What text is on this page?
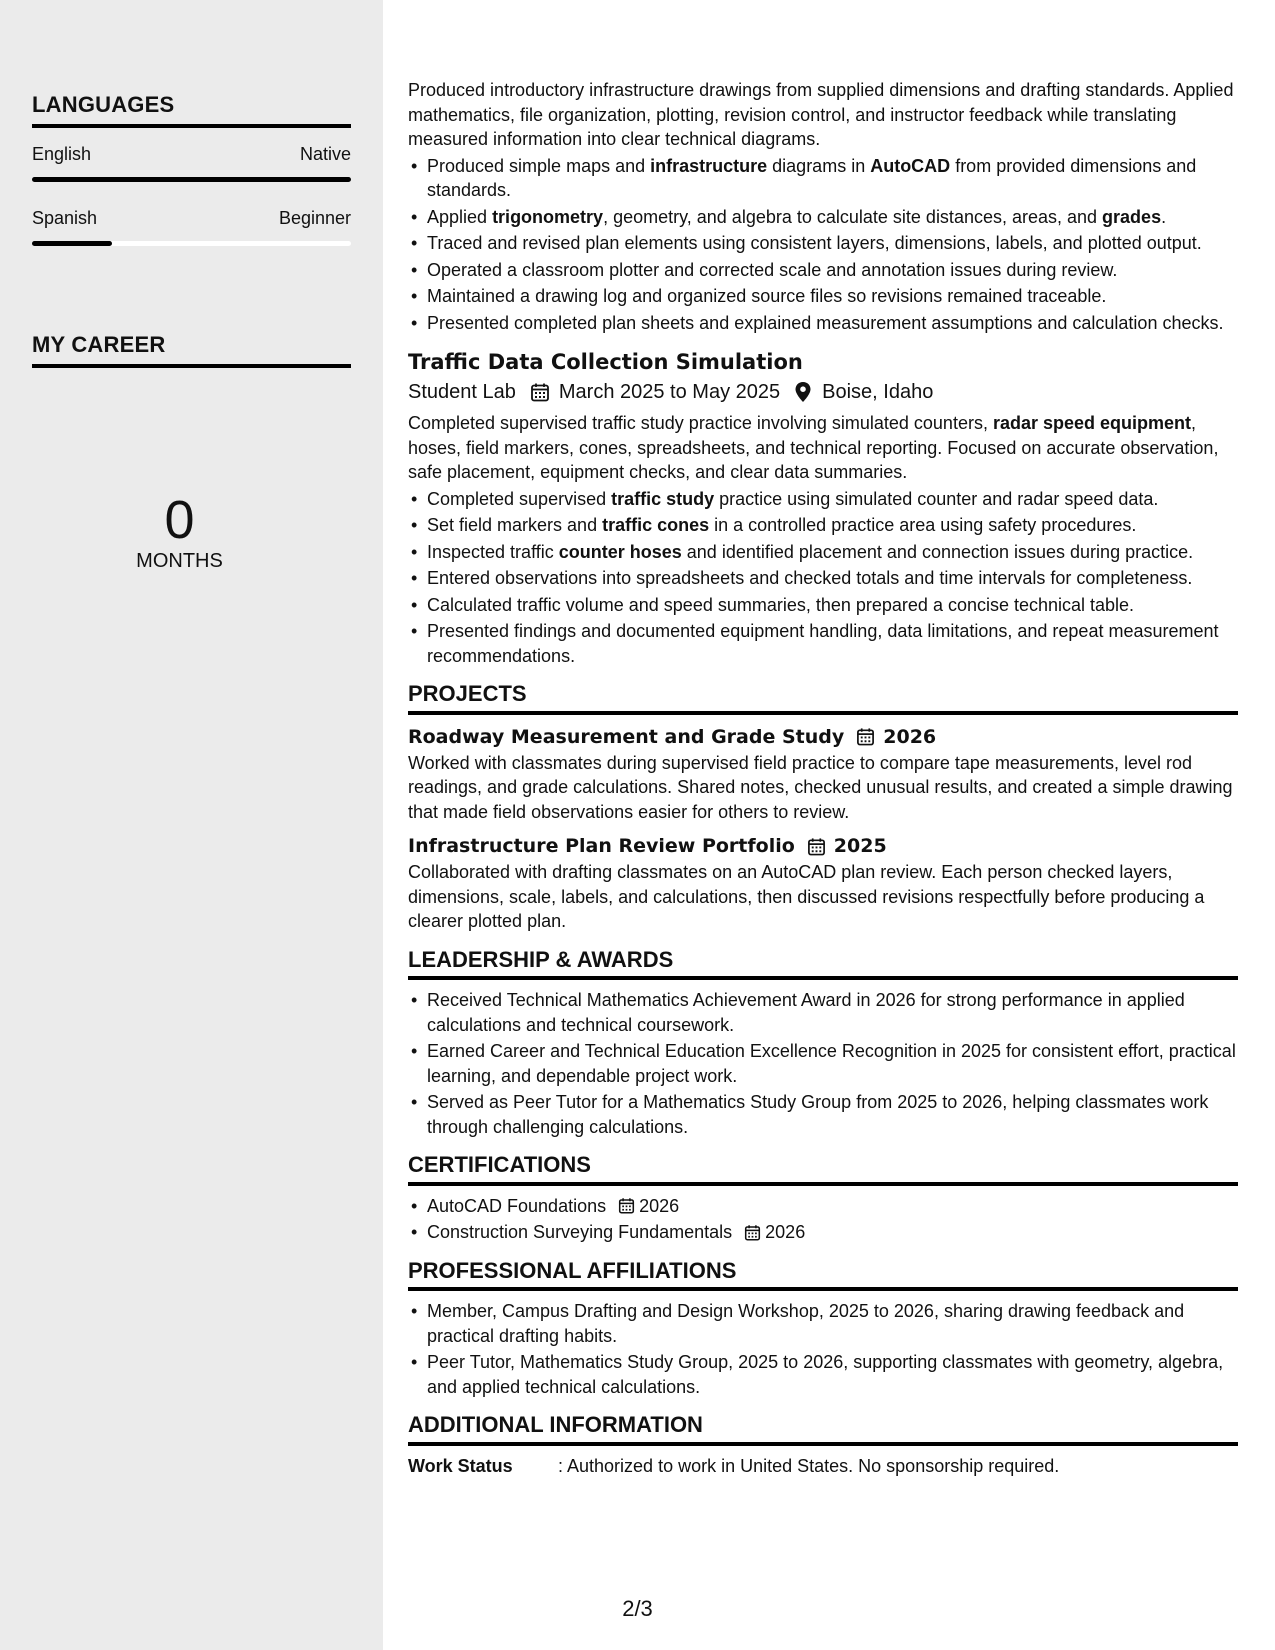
LANGUAGES
English	Native
Spanish	Beginner
MY CAREER
0
MONTHS

Produced introductory infrastructure drawings from supplied dimensions and drafting standards. Applied mathematics, file organization, plotting, revision control, and instructor feedback while translating measured information into clear technical diagrams.

• Produced simple maps and infrastructure diagrams in AutoCAD from provided dimensions and standards.
• Applied trigonometry, geometry, and algebra to calculate site distances, areas, and grades.
• Traced and revised plan elements using consistent layers, dimensions, labels, and plotted output.
• Operated a classroom plotter and corrected scale and annotation issues during review.
• Maintained a drawing log and organized source files so revisions remained traceable.
• Presented completed plan sheets and explained measurement assumptions and calculation checks.
Traffic Data Collection Simulation
Student Lab March 2025 to May 2025 Boise, Idaho

Completed supervised traffic study practice involving simulated counters, radar speed equipment, hoses, field markers, cones, spreadsheets, and technical reporting. Focused on accurate observation, safe placement, equipment checks, and clear data summaries.

• Completed supervised traffic study practice using simulated counter and radar speed data.
• Set field markers and traffic cones in a controlled practice area using safety procedures.
• Inspected traffic counter hoses and identified placement and connection issues during practice.
• Entered observations into spreadsheets and checked totals and time intervals for completeness.
• Calculated traffic volume and speed summaries, then prepared a concise technical table.
• Presented findings and documented equipment handling, data limitations, and repeat measurement recommendations.
PROJECTS
Roadway Measurement and Grade Study 2026

Worked with classmates during supervised field practice to compare tape measurements, level rod readings, and grade calculations. Shared notes, checked unusual results, and created a simple drawing that made field observations easier for others to review.

Infrastructure Plan Review Portfolio 2025

Collaborated with drafting classmates on an AutoCAD plan review. Each person checked layers, dimensions, scale, labels, and calculations, then discussed revisions respectfully before producing a clearer plotted plan.

LEADERSHIP & AWARDS
• Received Technical Mathematics Achievement Award in 2026 for strong performance in applied calculations and technical coursework.
• Earned Career and Technical Education Excellence Recognition in 2025 for consistent effort, practical learning, and dependable project work.
• Served as Peer Tutor for a Mathematics Study Group from 2025 to 2026, helping classmates work through challenging calculations.
CERTIFICATIONS
• AutoCAD Foundations 2026
• Construction Surveying Fundamentals 2026
PROFESSIONAL AFFILIATIONS
• Member, Campus Drafting and Design Workshop, 2025 to 2026, sharing drawing feedback and practical drafting habits.
• Peer Tutor, Mathematics Study Group, 2025 to 2026, supporting classmates with geometry, algebra, and applied technical calculations.
ADDITIONAL INFORMATION
Work Status	: Authorized to work in United States. No sponsorship required.
2/3
